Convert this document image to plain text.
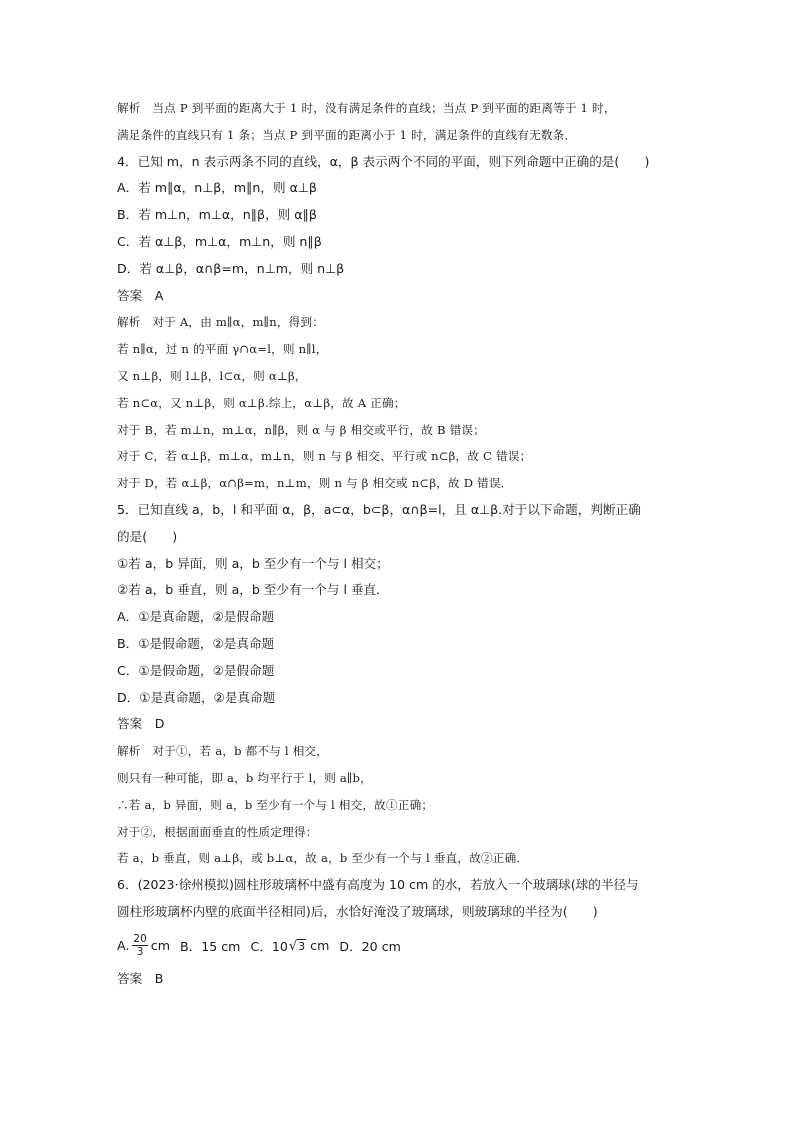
解析　当点 P 到平面的距离大于 1 时，没有满足条件的直线；当点 P 到平面的距离等于 1 时，
满足条件的直线只有 1 条；当点 P 到平面的距离小于 1 时，满足条件的直线有无数条．
4．已知 m，n 表示两条不同的直线，α，β 表示两个不同的平面，则下列命题中正确的是(　　)
A．若 m∥α，n⊥β，m∥n，则 α⊥β
B．若 m⊥n，m⊥α，n∥β，则 α∥β
C．若 α⊥β，m⊥α，m⊥n，则 n∥β
D．若 α⊥β，α∩β=m，n⊥m，则 n⊥β
答案　A
解析　对于 A，由 m∥α，m∥n，得到：
若 n∥α，过 n 的平面 γ∩α=l，则 n∥l，
又 n⊥β，则 l⊥β，l⊂α，则 α⊥β，
若 n⊂α，又 n⊥β，则 α⊥β.综上，α⊥β，故 A 正确；
对于 B，若 m⊥n，m⊥α，n∥β，则 α 与 β 相交或平行，故 B 错误；
对于 C，若 α⊥β，m⊥α，m⊥n，则 n 与 β 相交、平行或 n⊂β，故 C 错误；
对于 D，若 α⊥β，α∩β=m，n⊥m，则 n 与 β 相交或 n⊂β，故 D 错误．
5．已知直线 a，b，l 和平面 α，β，a⊂α，b⊂β，α∩β=l，且 α⊥β.对于以下命题，判断正确
的是(　　)
①若 a，b 异面，则 a，b 至少有一个与 l 相交；
②若 a，b 垂直，则 a，b 至少有一个与 l 垂直．
A．①是真命题，②是假命题
B．①是假命题，②是真命题
C．①是假命题，②是假命题
D．①是真命题，②是真命题
答案　D
解析　对于①，若 a，b 都不与 l 相交，
则只有一种可能，即 a，b 均平行于 l，则 a∥b，
∴若 a，b 异面，则 a，b 至少有一个与 l 相交，故①正确；
对于②，根据面面垂直的性质定理得：
若 a，b 垂直，则 a⊥β，或 b⊥α，故 a，b 至少有一个与 l 垂直，故②正确．
6．(2023·徐州模拟)圆柱形玻璃杯中盛有高度为 10 cm 的水，若放入一个玻璃球(球的半径与
圆柱形玻璃杯内壁的底面半径相同)后，水恰好淹没了玻璃球，则玻璃球的半径为(　　)
A. $\frac{20}{3}$ cm B．15 cm C．10 √3 cm D．20 cm
答案　B
